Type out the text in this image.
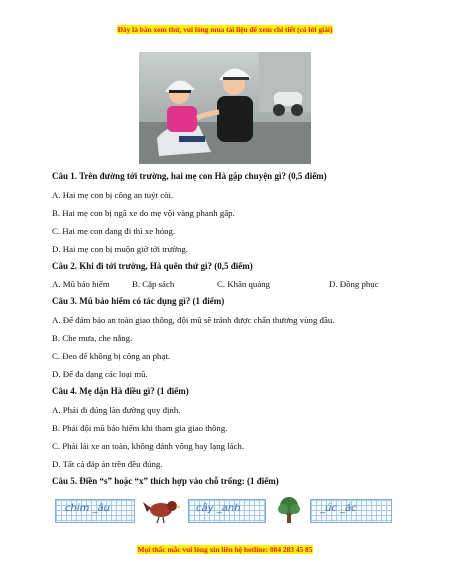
Đây là bản xem thử, vui lòng mua tài liệu để xem chi tiết (có lời giải)
Câu 1. Trên đường tới trường, hai mẹ con Hà gặp chuyện gì? (0,5 điểm)
A. Hai mẹ con bị công an tuýt còi.
B. Hai mẹ con bị ngã xe do mẹ vội vàng phanh gấp.
C. Hai mẹ con đang đi thì xe hỏng.
D. Hai mẹ con bị muộn giờ tới trường.
Câu 2. Khi đi tới trường, Hà quên thứ gì? (0,5 điểm)
A. Mũ bảo hiểm	B. Cặp sách	C. Khăn quàng	D. Đồng phục
Câu 3. Mũ bảo hiểm có tác dụng gì? (1 điểm)
A. Để đảm bảo an toàn giao thông, đội mũ sẽ tránh được chấn thương vùng đầu.
B. Che mưa, che nắng.
C. Đeo để không bị công an phạt.
D. Để đa dạng các loại mũ.
Câu 4. Mẹ dặn Hà điều gì? (1 điểm)
A. Phải đi đúng làn đường quy định.
B. Phải đội mũ bảo hiểm khi tham gia giao thông.
C. Phải lái xe an toàn, không đánh võng hay lạng lách.
D. Tất cả đáp án trên đều đúng.
Câu 5. Điền “s” hoặc “x” thích hợp vào chỗ trống: (1 điểm)
chim _âu	cây _anh	_úc _ắc
Mọi thắc mắc vui lòng xin liên hệ hotline: 084 283 45 85
